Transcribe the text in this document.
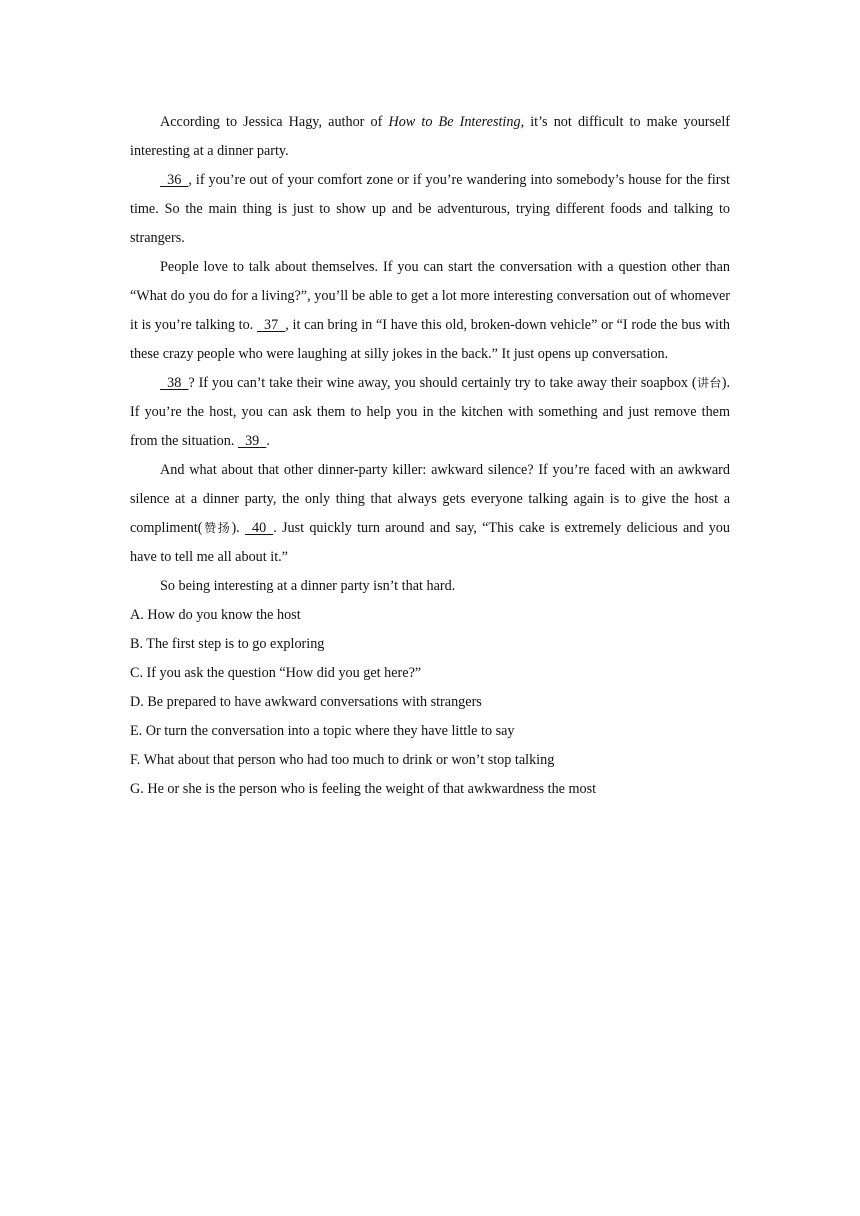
According to Jessica Hagy, author of How to Be Interesting, it’s not difficult to make yourself interesting at a dinner party.

36 , if you’re out of your comfort zone or if you’re wandering into somebody’s house for the first time. So the main thing is just to show up and be adventurous, trying different foods and talking to strangers.

People love to talk about themselves. If you can start the conversation with a question other than “What do you do for a living?”, you’ll be able to get a lot more interesting conversation out of whomever it is you’re talking to.   37 , it can bring in “I have this old, broken-down vehicle” or “I rode the bus with these crazy people who were laughing at silly jokes in the back.” It just opens up conversation.

38 ? If you can’t take their wine away, you should certainly try to take away their soapbox (讲台). If you’re the host, you can ask them to help you in the kitchen with something and just remove them from the situation.   39 .

And what about that other dinner-party killer: awkward silence? If you’re faced with an awkward silence at a dinner party, the only thing that always gets everyone talking again is to give the host a compliment(赞扬).   40 . Just quickly turn around and say, “This cake is extremely delicious and you have to tell me all about it.”

So being interesting at a dinner party isn’t that hard.

A. How do you know the host

B. The first step is to go exploring

C. If you ask the question “How did you get here?”

D. Be prepared to have awkward conversations with strangers

E. Or turn the conversation into a topic where they have little to say

F. What about that person who had too much to drink or won’t stop talking

G. He or she is the person who is feeling the weight of that awkwardness the most
